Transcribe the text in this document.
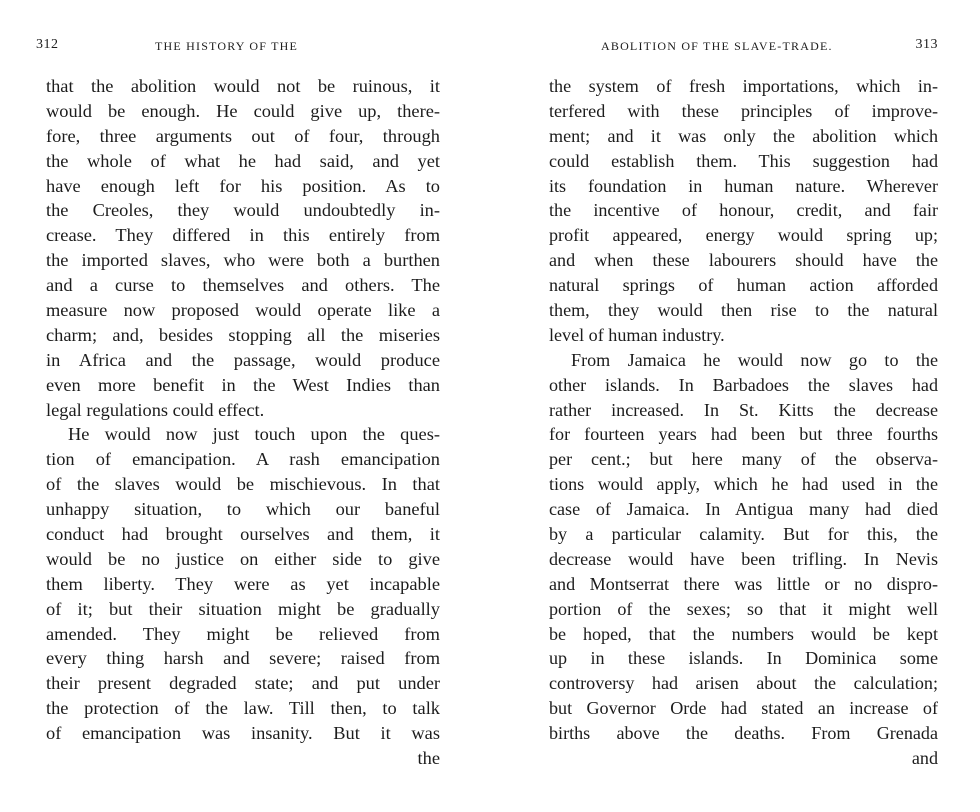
312	THE HISTORY OF THE
that the abolition would not be ruinous, it
would be enough. He could give up, there-
fore, three arguments out of four, through
the whole of what he had said, and yet
have enough left for his position. As to
the Creoles, they would undoubtedly in-
crease. They differed in this entirely from
the imported slaves, who were both a burthen
and a curse to themselves and others. The
measure now proposed would operate like a
charm; and, besides stopping all the miseries
in Africa and the passage, would produce
even more benefit in the West Indies than
legal regulations could effect.
He would now just touch upon the ques-
tion of emancipation. A rash emancipation
of the slaves would be mischievous. In that
unhappy situation, to which our baneful
conduct had brought ourselves and them, it
would be no justice on either side to give
them liberty. They were as yet incapable
of it; but their situation might be gradually
amended. They might be relieved from
every thing harsh and severe; raised from
their present degraded state; and put under
the protection of the law. Till then, to talk
of emancipation was insanity. But it was
the
ABOLITION OF THE SLAVE-TRADE.	313
the system of fresh importations, which in-
terfered with these principles of improve-
ment; and it was only the abolition which
could establish them. This suggestion had
its foundation in human nature. Wherever
the incentive of honour, credit, and fair
profit appeared, energy would spring up;
and when these labourers should have the
natural springs of human action afforded
them, they would then rise to the natural
level of human industry.
From Jamaica he would now go to the
other islands. In Barbadoes the slaves had
rather increased. In St. Kitts the decrease
for fourteen years had been but three fourths
per cent.; but here many of the observa-
tions would apply, which he had used in the
case of Jamaica. In Antigua many had died
by a particular calamity. But for this, the
decrease would have been trifling. In Nevis
and Montserrat there was little or no dispro-
portion of the sexes; so that it might well
be hoped, that the numbers would be kept
up in these islands. In Dominica some
controversy had arisen about the calculation;
but Governor Orde had stated an increase of
births above the deaths. From Grenada
and
